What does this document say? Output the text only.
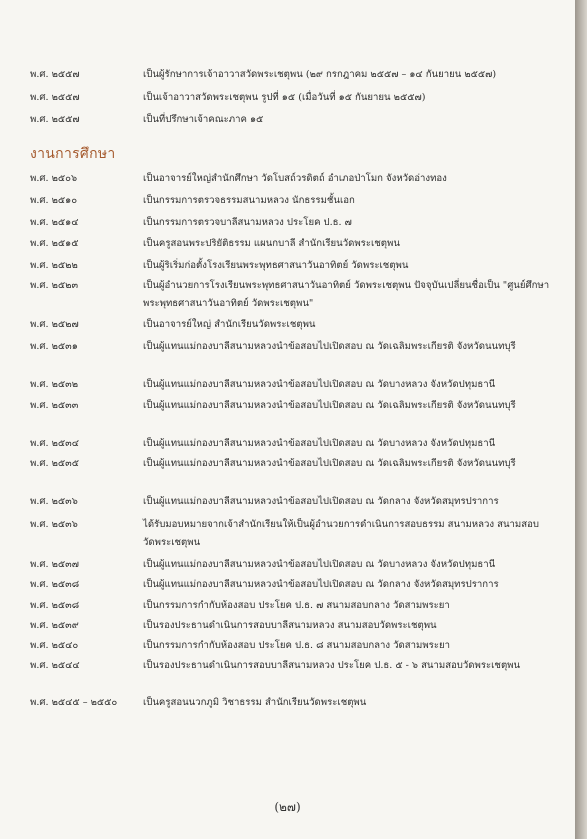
พ.ศ. ๒๕๕๗	เป็นผู้รักษาการเจ้าอาวาสวัดพระเชตุพน (๒๙ กรกฎาคม ๒๕๕๗ – ๑๔ กันยายน ๒๕๕๗)
พ.ศ. ๒๕๕๗	เป็นเจ้าอาวาสวัดพระเชตุพน รูปที่ ๑๕ (เมื่อวันที่ ๑๕ กันยายน ๒๕๕๗)
พ.ศ. ๒๕๕๗	เป็นที่ปรึกษาเจ้าคณะภาค ๑๕
งานการศึกษา
พ.ศ. ๒๕๐๖	เป็นอาจารย์ใหญ่สำนักศึกษา วัดโบสถ์วรดิตถ์ อำเภอป่าโมก จังหวัดอ่างทอง
พ.ศ. ๒๕๑๐	เป็นกรรมการตรวจธรรมสนามหลวง นักธรรมชั้นเอก
พ.ศ. ๒๕๑๔	เป็นกรรมการตรวจบาลีสนามหลวง ประโยค ป.ธ. ๗
พ.ศ. ๒๕๑๕	เป็นครูสอนพระปริยัติธรรม แผนกบาลี สำนักเรียนวัดพระเชตุพน
พ.ศ. ๒๕๒๒	เป็นผู้ริเริ่มก่อตั้งโรงเรียนพระพุทธศาสนาวันอาทิตย์ วัดพระเชตุพน
พ.ศ. ๒๕๒๓	เป็นผู้อำนวยการโรงเรียนพระพุทธศาสนาวันอาทิตย์ วัดพระเชตุพน ปัจจุบันเปลี่ยนชื่อเป็น "ศูนย์ศึกษาพระพุทธศาสนาวันอาทิตย์ วัดพระเชตุพน"
พ.ศ. ๒๕๒๗	เป็นอาจารย์ใหญ่ สำนักเรียนวัดพระเชตุพน
พ.ศ. ๒๕๓๑	เป็นผู้แทนแม่กองบาลีสนามหลวงนำข้อสอบไปเปิดสอบ ณ วัดเฉลิมพระเกียรติ จังหวัดนนทบุรี
พ.ศ. ๒๕๓๒	เป็นผู้แทนแม่กองบาลีสนามหลวงนำข้อสอบไปเปิดสอบ ณ วัดบางหลวง จังหวัดปทุมธานี
พ.ศ. ๒๕๓๓	เป็นผู้แทนแม่กองบาลีสนามหลวงนำข้อสอบไปเปิดสอบ ณ วัดเฉลิมพระเกียรติ จังหวัดนนทบุรี
พ.ศ. ๒๕๓๔	เป็นผู้แทนแม่กองบาลีสนามหลวงนำข้อสอบไปเปิดสอบ ณ วัดบางหลวง จังหวัดปทุมธานี
พ.ศ. ๒๕๓๕	เป็นผู้แทนแม่กองบาลีสนามหลวงนำข้อสอบไปเปิดสอบ ณ วัดเฉลิมพระเกียรติ จังหวัดนนทบุรี
พ.ศ. ๒๕๓๖	เป็นผู้แทนแม่กองบาลีสนามหลวงนำข้อสอบไปเปิดสอบ ณ วัดกลาง จังหวัดสมุทรปราการ
พ.ศ. ๒๕๓๖	ได้รับมอบหมายจากเจ้าสำนักเรียนให้เป็นผู้อำนวยการดำเนินการสอบธรรม สนามหลวง สนามสอบวัดพระเชตุพน
พ.ศ. ๒๕๓๗	เป็นผู้แทนแม่กองบาลีสนามหลวงนำข้อสอบไปเปิดสอบ ณ วัดบางหลวง จังหวัดปทุมธานี
พ.ศ. ๒๕๓๘	เป็นผู้แทนแม่กองบาลีสนามหลวงนำข้อสอบไปเปิดสอบ ณ วัดกลาง จังหวัดสมุทรปราการ
พ.ศ. ๒๕๓๘	เป็นกรรมการกำกับห้องสอบ ประโยค ป.ธ. ๗ สนามสอบกลาง วัดสามพระยา
พ.ศ. ๒๕๓๙	เป็นรองประธานดำเนินการสอบบาลีสนามหลวง สนามสอบวัดพระเชตุพน
พ.ศ. ๒๕๔๐	เป็นกรรมการกำกับห้องสอบ ประโยค ป.ธ. ๘ สนามสอบกลาง วัดสามพระยา
พ.ศ. ๒๕๔๔	เป็นรองประธานดำเนินการสอบบาลีสนามหลวง ประโยค ป.ธ. ๕ - ๖ สนามสอบวัดพระเชตุพน
พ.ศ. ๒๕๔๕ – ๒๕๕๐	เป็นครูสอนนวกภูมิ วิชาธรรม สำนักเรียนวัดพระเชตุพน
(๒๗)
